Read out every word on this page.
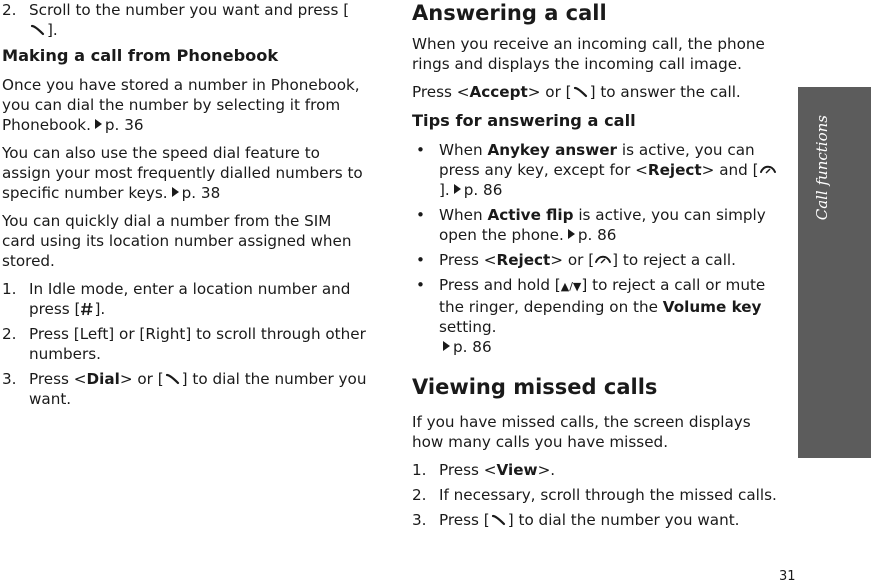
2. Scroll to the number you want and press [].
Making a call from Phonebook

Once you have stored a number in Phonebook, you can dial the number by selecting it from Phonebook. p. 36

You can also use the speed dial feature to assign your most frequently dialled numbers to specific number keys. p. 38

You can quickly dial a number from the SIM card using its location number assigned when stored.

1. In Idle mode, enter a location number and press [ ].
2. Press [Left] or [Right] to scroll through other numbers.
3. Press <Dial> or [ ] to dial the number you want.
Answering a call

When you receive an incoming call, the phone rings and displays the incoming call image.

Press <Accept> or [ ] to answer the call.

Tips for answering a call
• When Anykey answer is active, you can press any key, except for <Reject> and []. p. 86
• When Active flip is active, you can simply open the phone. p. 86
• Press <Reject> or [ ] to reject a call.
• Press and hold [▲/▼] to reject a call or mute the ringer, depending on the Volume key setting.
p. 86
Viewing missed calls

If you have missed calls, the screen displays how many calls you have missed.

1. Press <View>.
2. If necessary, scroll through the missed calls.
3. Press [ ] to dial the number you want.
Call functions
31
